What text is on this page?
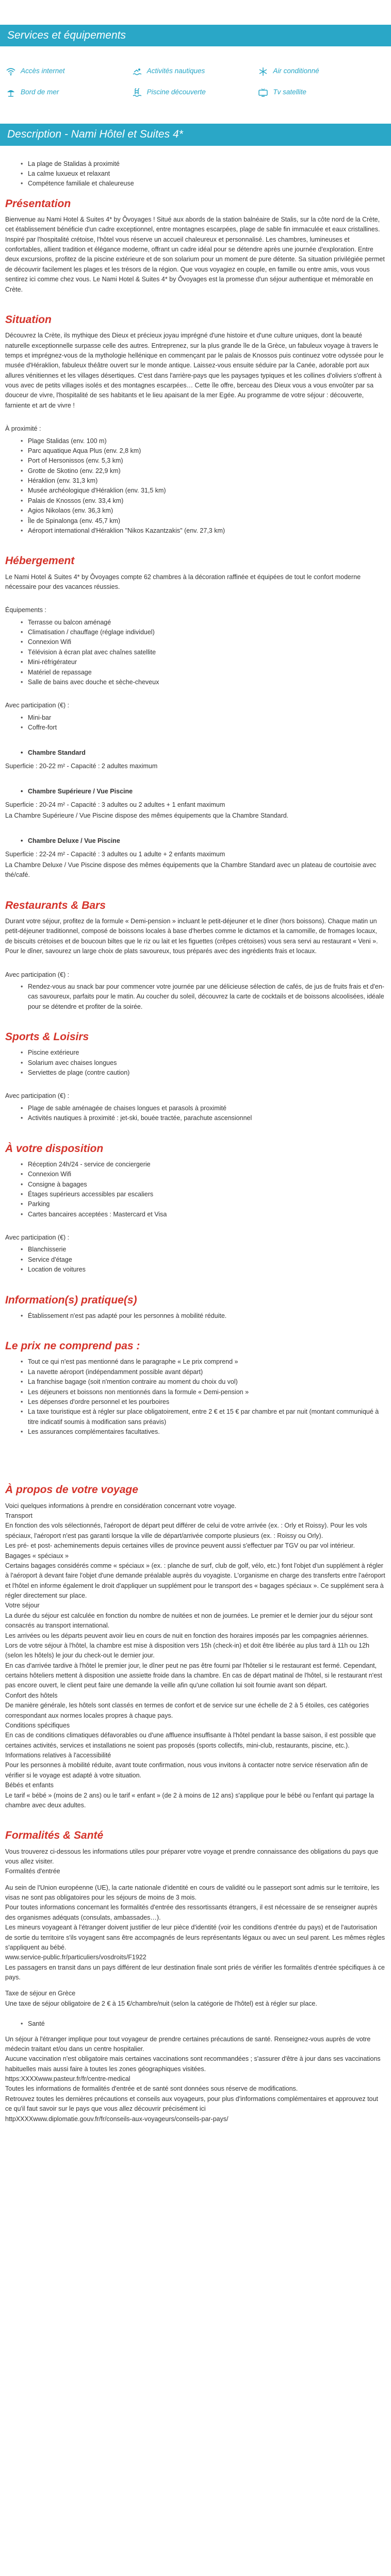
Services et équipements
Accès internet	Activités nautiques	Air conditionné
Bord de mer	Piscine découverte	Tv satellite
Description - Nami Hôtel et Suites 4*
• La plage de Stalidas à proximité
• La calme luxueux et relaxant
• Compétence familiale et chaleureuse
Présentation

Bienvenue au Nami Hotel & Suites 4* by Ôvoyages ! Situé aux abords de la station balnéaire de Stalis, sur la côte nord de la Crète, cet établissement bénéficie d'un cadre exceptionnel, entre montagnes escarpées, plage de sable fin immaculée et eaux cristallines. Inspiré par l'hospitalité crétoise, l'hôtel vous réserve un accueil chaleureux et personnalisé. Les chambres, lumineuses et confortables, allient tradition et élégance moderne, offrant un cadre idéal pour se détendre après une journée d'exploration. Entre deux excursions, profitez de la piscine extérieure et de son solarium pour un moment de pure détente. Sa situation privilégiée permet de découvrir facilement les plages et les trésors de la région. Que vous voyagiez en couple, en famille ou entre amis, vous vous sentirez ici comme chez vous. Le Nami Hotel & Suites 4* by Ôvoyages est la promesse d'un séjour authentique et mémorable en Crète.

Situation

Découvrez la Crète, ils mythique des Dieux et précieux joyau imprégné d'une histoire et d'une culture uniques, dont la beauté naturelle exceptionnelle surpasse celle des autres. Entreprenez, sur la plus grande île de la Grèce, un fabuleux voyage à travers le temps et imprégnez-vous de la mythologie hellénique en commençant par le palais de Knossos puis continuez votre odyssée pour le musée d'Héraklion, fabuleux théâtre ouvert sur le monde antique. Laissez-vous ensuite séduire par la Canée, adorable port aux allures vénitiennes et les villages désertiques. C'est dans l'arrière-pays que les paysages typiques et les collines d'oliviers s'offrent à vous avec de petits villages isolés et des montagnes escarpées… Cette île offre, berceau des Dieux vous a vous envoûter par sa douceur de vivre, l'hospitalité de ses habitants et le lieu apaisant de la mer Egée. Au programme de votre séjour : découverte, farniente et art de vivre !

À proximité :

• Plage Stalidas (env. 100 m)
• Parc aquatique Aqua Plus (env. 2,8 km)
• Port of Hersonissos (env. 5,3 km)
• Grotte de Skotino (env. 22,9 km)
• Héraklion (env. 31,3 km)
• Musée archéologique d'Héraklion (env. 31,5 km)
• Palais de Knossos (env. 33,4 km)
• Agios Nikolaos (env. 36,3 km)
• Île de Spinalonga (env. 45,7 km)
• Aéroport international d'Héraklion "Nikos Kazantzakis" (env. 27,3 km)
Hébergement

Le Nami Hotel & Suites 4* by Ôvoyages compte 62 chambres à la décoration raffinée et équipées de tout le confort moderne nécessaire pour des vacances réussies.

Équipements :

• Terrasse ou balcon aménagé
• Climatisation / chauffage (réglage individuel)
• Connexion Wifi
• Télévision à écran plat avec chaînes satellite
• Mini-réfrigérateur
• Matériel de repassage
• Salle de bains avec douche et sèche-cheveux

Avec participation (€) :

• Mini-bar
• Coffre-fort
• Chambre Standard

Superficie : 20-22 m² - Capacité : 2 adultes maximum

• Chambre Supérieure / Vue Piscine

Superficie : 20-24 m² - Capacité : 3 adultes ou 2 adultes + 1 enfant maximum

La Chambre Supérieure / Vue Piscine dispose des mêmes équipements que la Chambre Standard.

• Chambre Deluxe / Vue Piscine

Superficie : 22-24 m² - Capacité : 3 adultes ou 1 adulte + 2 enfants maximum

La Chambre Deluxe / Vue Piscine dispose des mêmes équipements que la Chambre Standard avec un plateau de courtoisie avec thé/café.

Restaurants & Bars

Durant votre séjour, profitez de la formule « Demi-pension » incluant le petit-déjeuner et le dîner (hors boissons). Chaque matin un petit-déjeuner traditionnel, composé de boissons locales à base d'herbes comme le dictamos et la camomille, de fromages locaux, de biscuits crétoises et de boucoun biltes que le riz ou lait et les figuettes (crêpes crétoises) vous sera servi au restaurant « Veni ». Pour le dîner, savourez un large choix de plats savoureux, tous préparés avec des ingrédients frais et locaux.

Avec participation (€) :

• Rendez-vous au snack bar pour commencer votre journée par une délicieuse sélection de cafés, de jus de fruits frais et d'en-cas savoureux, parfaits pour le matin. Au coucher du soleil, découvrez la carte de cocktails et de boissons alcoolisées, idéale pour se détendre et profiter de la soirée.
Sports & Loisirs
• Piscine extérieure
• Solarium avec chaises longues
• Serviettes de plage (contre caution)

Avec participation (€) :

• Plage de sable aménagée de chaises longues et parasols à proximité
• Activités nautiques à proximité : jet-ski, bouée tractée, parachute ascensionnel
À votre disposition
• Réception 24h/24 - service de conciergerie
• Connexion Wifi
• Consigne à bagages
• Étages supérieurs accessibles par escaliers
• Parking
• Cartes bancaires acceptées : Mastercard et Visa

Avec participation (€) :

• Blanchisserie
• Service d'étage
• Location de voitures
Information(s) pratique(s)
• Établissement n'est pas adapté pour les personnes à mobilité réduite.
Le prix ne comprend pas :
• Tout ce qui n'est pas mentionné dans le paragraphe « Le prix comprend »
• La navette aéroport (indépendamment possible avant départ)
• La franchise bagage (soit n'mention contraire au moment du choix du vol)
• Les déjeuners et boissons non mentionnés dans la formule « Demi-pension »
• Les dépenses d'ordre personnel et les pourboires
• La taxe touristique est à régler sur place obligatoirement, entre 2 € et 15 € par chambre et par nuit (montant communiqué à titre indicatif soumis à modification sans préavis)
• Les assurances complémentaires facultatives.
À propos de votre voyage

Voici quelques informations à prendre en considération concernant votre voyage.

Transport

En fonction des vols sélectionnés, l'aéroport de départ peut différer de celui de votre arrivée (ex. : Orly et Roissy). Pour les vols spéciaux, l'aéroport n'est pas garanti lorsque la ville de départ/arrivée comporte plusieurs (ex. : Roissy ou Orly).

Les pré- et post- acheminements depuis certaines villes de province peuvent aussi s'effectuer par TGV ou par vol intérieur.

Bagages « spéciaux »

Certains bagages considérés comme « spéciaux » (ex. : planche de surf, club de golf, vélo, etc.) font l'objet d'un supplément à régler à l'aéroport à devant faire l'objet d'une demande préalable auprès du voyagiste. L'organisme en charge des transferts entre l'aéroport et l'hôtel en informe également le droit d'appliquer un supplément pour le transport des « bagages spéciaux ». Ce supplément sera à régler directement sur place.

Votre séjour

La durée du séjour est calculée en fonction du nombre de nuitées et non de journées. Le premier et le dernier jour du séjour sont consacrés au transport international.

Les arrivées ou les départs peuvent avoir lieu en cours de nuit en fonction des horaires imposés par les compagnies aériennes.

Lors de votre séjour à l'hôtel, la chambre est mise à disposition vers 15h (check-in) et doit être libérée au plus tard à 11h ou 12h (selon les hôtels) le jour du check-out le dernier jour.

En cas d'arrivée tardive à l'hôtel le premier jour, le dîner peut ne pas être fourni par l'hôtelier si le restaurant est fermé. Cependant, certains hôteliers mettent à disposition une assiette froide dans la chambre. En cas de départ matinal de l'hôtel, si le restaurant n'est pas encore ouvert, le client peut faire une demande la veille afin qu'une collation lui soit fournie avant son départ.

Confort des hôtels

De manière générale, les hôtels sont classés en termes de confort et de service sur une échelle de 2 à 5 étoiles, ces catégories correspondant aux normes locales propres à chaque pays.

Conditions spécifiques

En cas de conditions climatiques défavorables ou d'une affluence insuffisante à l'hôtel pendant la basse saison, il est possible que certaines activités, services et installations ne soient pas proposés (sports collectifs, mini-club, restaurants, piscine, etc.).

Informations relatives à l'accessibilité

Pour les personnes à mobilité réduite, avant toute confirmation, nous vous invitons à contacter notre service réservation afin de vérifier si le voyage est adapté à votre situation.

Bébés et enfants

Le tarif « bébé » (moins de 2 ans) ou le tarif « enfant » (de 2 à moins de 12 ans) s'applique pour le bébé ou l'enfant qui partage la chambre avec deux adultes.

Formalités & Santé

Vous trouverez ci-dessous les informations utiles pour préparer votre voyage et prendre connaissance des obligations du pays que vous allez visiter.

Formalités d'entrée

Au sein de l'Union européenne (UE), la carte nationale d'identité en cours de validité ou le passeport sont admis sur le territoire, les visas ne sont pas obligatoires pour les séjours de moins de 3 mois.

Pour toutes informations concernant les formalités d'entrée des ressortissants étrangers, il est nécessaire de se renseigner auprès des organismes adéquats (consulats, ambassades…).

Les mineurs voyageant à l'étranger doivent justifier de leur pièce d'identité (voir les conditions d'entrée du pays) et de l'autorisation de sortie du territoire s'ils voyagent sans être accompagnés de leurs représentants légaux ou avec un seul parent. Les mêmes règles s'appliquent au bébé.

www.service-public.fr/particuliers/vosdroits/F1922

Les passagers en transit dans un pays différent de leur destination finale sont priés de vérifier les formalités d'entrée spécifiques à ce pays.

Taxe de séjour en Grèce

Une taxe de séjour obligatoire de 2 € à 15 €/chambre/nuit (selon la catégorie de l'hôtel) est à régler sur place.

• Santé

Un séjour à l'étranger implique pour tout voyageur de prendre certaines précautions de santé. Renseignez-vous auprès de votre médecin traitant et/ou dans un centre hospitalier.

Aucune vaccination n'est obligatoire mais certaines vaccinations sont recommandées ; s'assurer d'être à jour dans ses vaccinations habituelles mais aussi faire à toutes les zones géographiques visitées.

https:XXXXwww.pasteur.fr/fr/centre-medical

Toutes les informations de formalités d'entrée et de santé sont données sous réserve de modifications.

Retrouvez toutes les dernières précautions et conseils aux voyageurs, pour plus d'informations complémentaires et approuvez tout ce qu'il faut savoir sur le pays que vous allez découvrir précisément ici

httpXXXXwww.diplomatie.gouv.fr/fr/conseils-aux-voyageurs/conseils-par-pays/
